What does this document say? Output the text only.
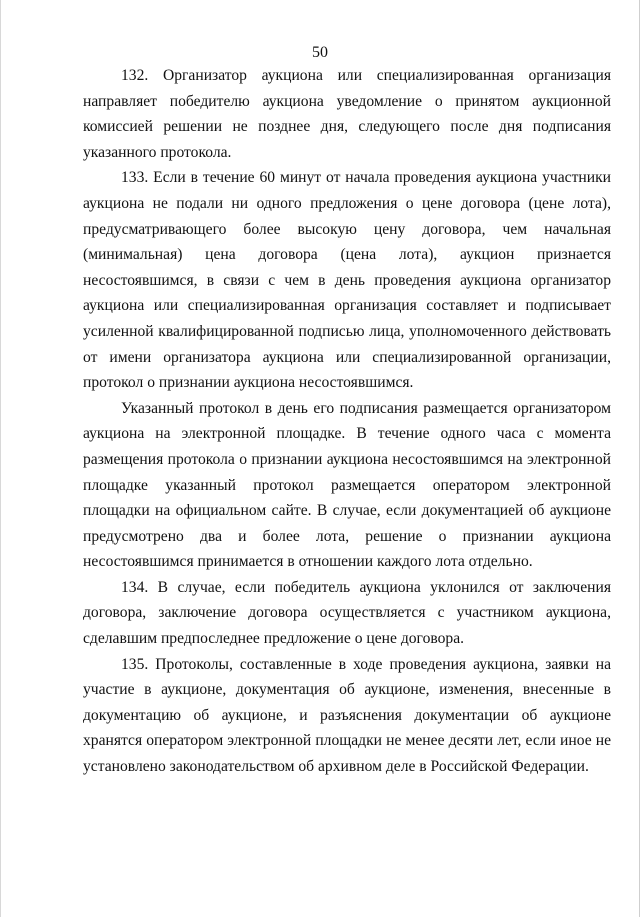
50

132. Организатор аукциона или специализированная организация направляет победителю аукциона уведомление о принятом аукционной комиссией решении не позднее дня, следующего после дня подписания указанного протокола.

133. Если в течение 60 минут от начала проведения аукциона участники аукциона не подали ни одного предложения о цене договора (цене лота), предусматривающего более высокую цену договора, чем начальная (минимальная) цена договора (цена лота), аукцион признается несостоявшимся, в связи с чем в день проведения аукциона организатор аукциона или специализированная организация составляет и подписывает усиленной квалифицированной подписью лица, уполномоченного действовать от имени организатора аукциона или специализированной организации, протокол о признании аукциона несостоявшимся.

Указанный протокол в день его подписания размещается организатором аукциона на электронной площадке. В течение одного часа с момента размещения протокола о признании аукциона несостоявшимся на электронной площадке указанный протокол размещается оператором электронной площадки на официальном сайте. В случае, если документацией об аукционе предусмотрено два и более лота, решение о признании аукциона несостоявшимся принимается в отношении каждого лота отдельно.

134. В случае, если победитель аукциона уклонился от заключения договора, заключение договора осуществляется с участником аукциона, сделавшим предпоследнее предложение о цене договора.

135. Протоколы, составленные в ходе проведения аукциона, заявки на участие в аукционе, документация об аукционе, изменения, внесенные в документацию об аукционе, и разъяснения документации об аукционе хранятся оператором электронной площадки не менее десяти лет, если иное не установлено законодательством об архивном деле в Российской Федерации.
